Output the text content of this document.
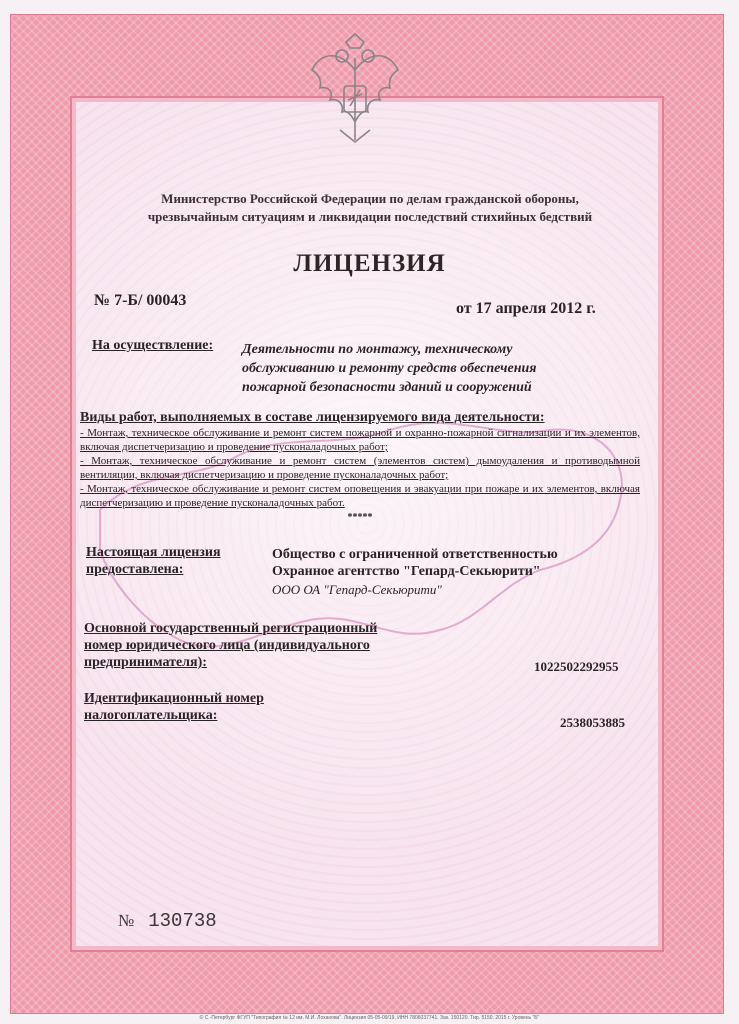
Министерство Российской Федерации по делам гражданской обороны,
чрезвычайным ситуациям и ликвидации последствий стихийных бедствий
ЛИЦЕНЗИЯ
№ 7-Б/ 00043	от 17 апреля 2012 г.
На осуществление: Деятельности по монтажу, техническому обслуживанию и ремонту средств обеспечения пожарной безопасности зданий и сооружений
Виды работ, выполняемых в составе лицензируемого вида деятельности:
- Монтаж, техническое обслуживание и ремонт систем пожарной и охранно-пожарной сигнализации и их элементов, включая диспетчеризацию и проведение пусконаладочных работ;
- Монтаж, техническое обслуживание и ремонт систем (элементов систем) дымоудаления и противодымной вентиляции, включая диспетчеризацию и проведение пусконаладочных работ;
- Монтаж, техническое обслуживание и ремонт систем оповещения и эвакуации при пожаре и их элементов, включая диспетчеризацию и проведение пусконаладочных работ.
*****
Настоящая лицензия
предоставлена:
Общество с ограниченной ответственностью
Охранное агентство "Гепард-Секьюрити"
ООО ОА "Гепард-Секьюрити"
Основной государственный регистрационный
номер юридического лица (индивидуального
предпринимателя):	1022502292955
Идентификационный номер
налогоплательщика:	2538053885
№ 130738
© С.-Петербург ФГУП "Типография № 12 им. М.И. Лоханова". Лицензия 05-05-09/19, ИНН 7806037741. Зак. 150120. Тир. 5150. 2015 г. Уровень "Б"
